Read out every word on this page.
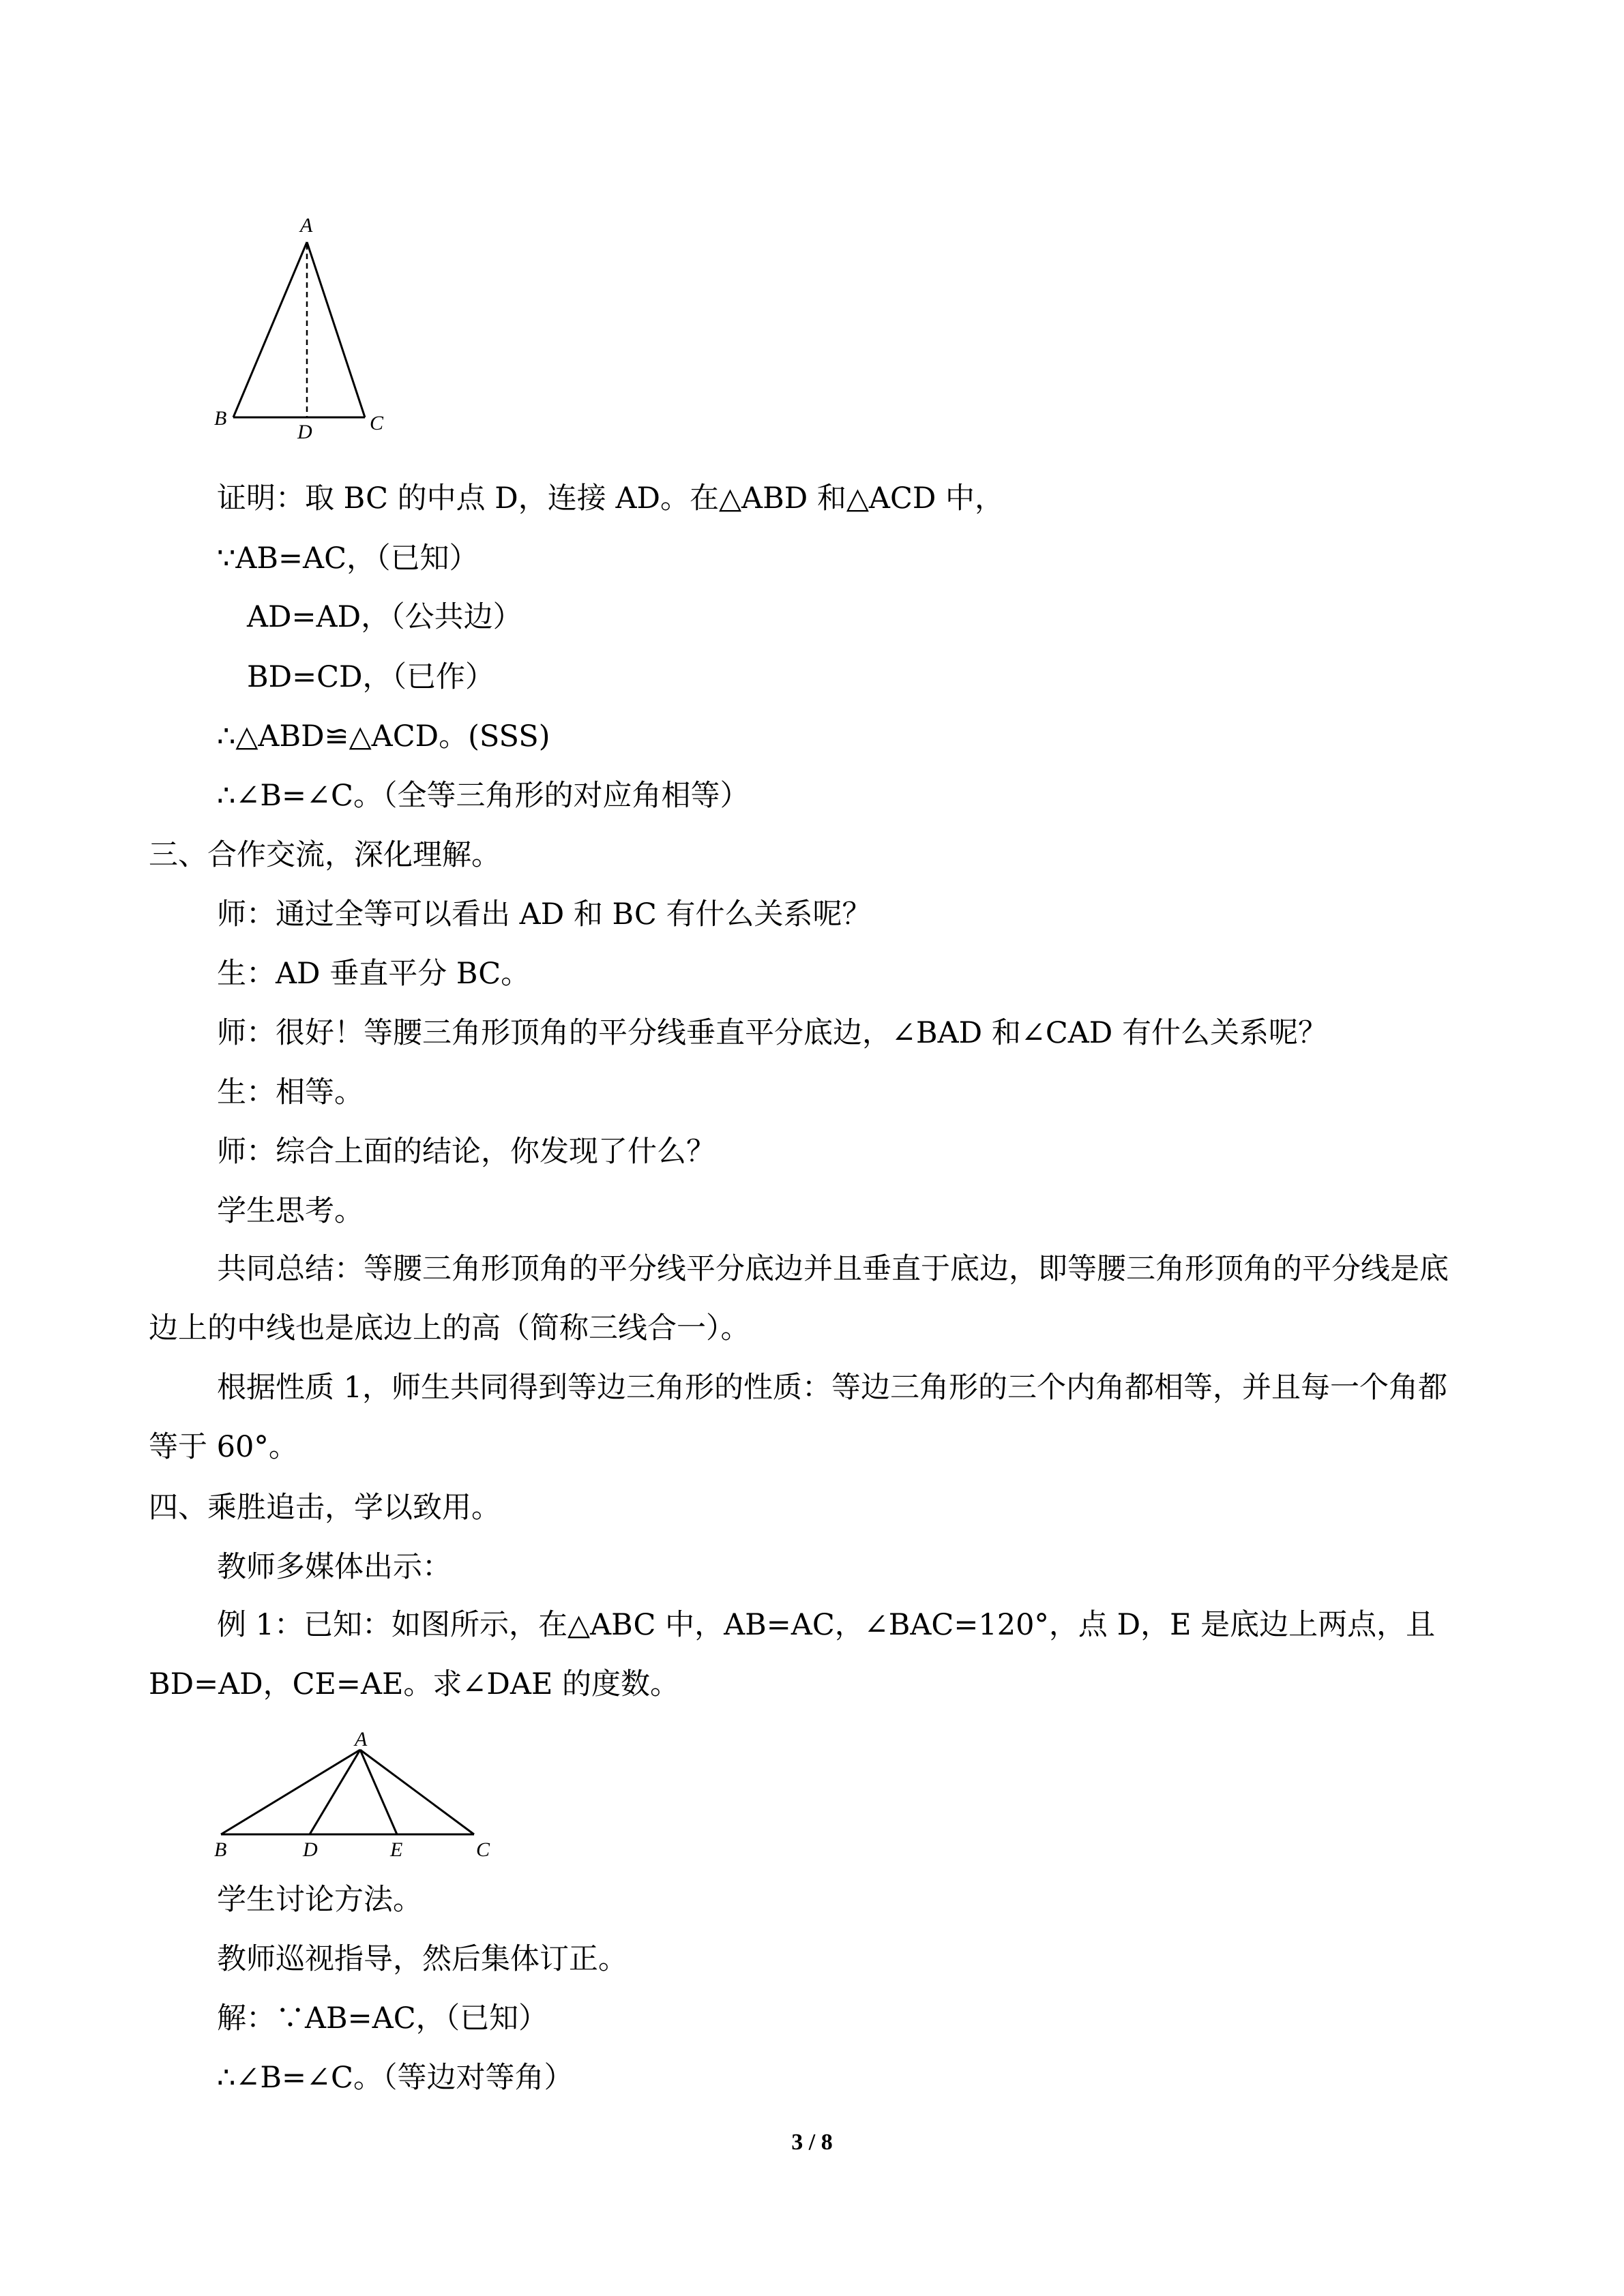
A
B	C
D
证明：取 BC 的中点 D，连接 AD。在△ABD 和△ACD 中，
∵AB=AC，（已知）
AD=AD，（公共边）
BD=CD，（已作）
∴△ABD≌△ACD。(SSS)
∴∠B=∠C。（全等三角形的对应角相等）
三、合作交流，深化理解。
师：通过全等可以看出 AD 和 BC 有什么关系呢？
生：AD 垂直平分 BC。
师：很好！等腰三角形顶角的平分线垂直平分底边，∠BAD 和∠CAD 有什么关系呢？
生：相等。
师：综合上面的结论，你发现了什么？
学生思考。
共同总结：等腰三角形顶角的平分线平分底边并且垂直于底边，即等腰三角形顶角的平分线是底边上的中线也是底边上的高（简称三线合一）。
根据性质 1，师生共同得到等边三角形的性质：等边三角形的三个内角都相等，并且每一个角都等于 60°。
四、乘胜追击，学以致用。
教师多媒体出示：
例 1：已知：如图所示，在△ABC 中，AB=AC，∠BAC=120°，点 D，E 是底边上两点，且 BD=AD，CE=AE。求∠DAE 的度数。
A
B	D	E	C
学生讨论方法。
教师巡视指导，然后集体订正。
解：∵AB=AC，（已知）
∴∠B=∠C。（等边对等角）
3 / 8
